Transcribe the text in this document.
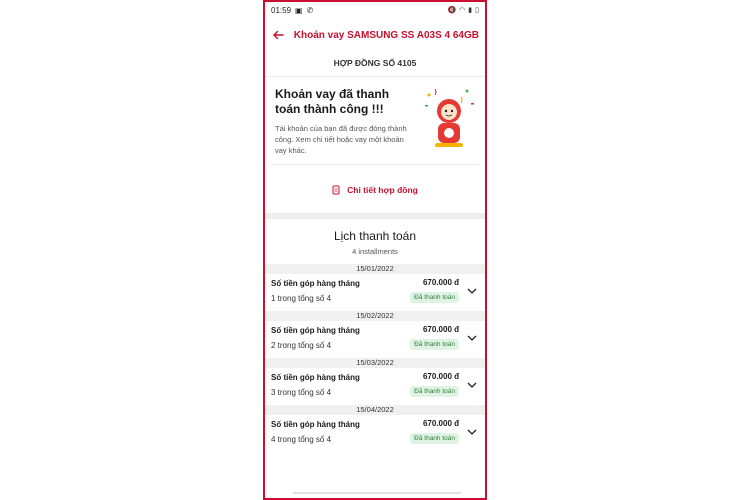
01:59 ▣ ✆	🔇 ◠ ▮ ▯
Khoản vay SAMSUNG SS A03S 4 64GB
HỢP ĐỒNG SỐ 4105
Khoản vay đã thanh toán thành công !!!
Tài khoản của bạn đã được đóng thành công. Xem chi tiết hoặc vay một khoản vay khác.
Chi tiết hợp đồng
Lịch thanh toán
4 installments
15/01/2022
Số tiền góp hàng tháng
1 trong tổng số 4
670.000 đ
Đã thanh toán
15/02/2022
Số tiền góp hàng tháng
2 trong tổng số 4
670.000 đ
Đã thanh toán
15/03/2022
Số tiền góp hàng tháng
3 trong tổng số 4
670.000 đ
Đã thanh toán
15/04/2022
Số tiền góp hàng tháng
4 trong tổng số 4
670.000 đ
Đã thanh toán
